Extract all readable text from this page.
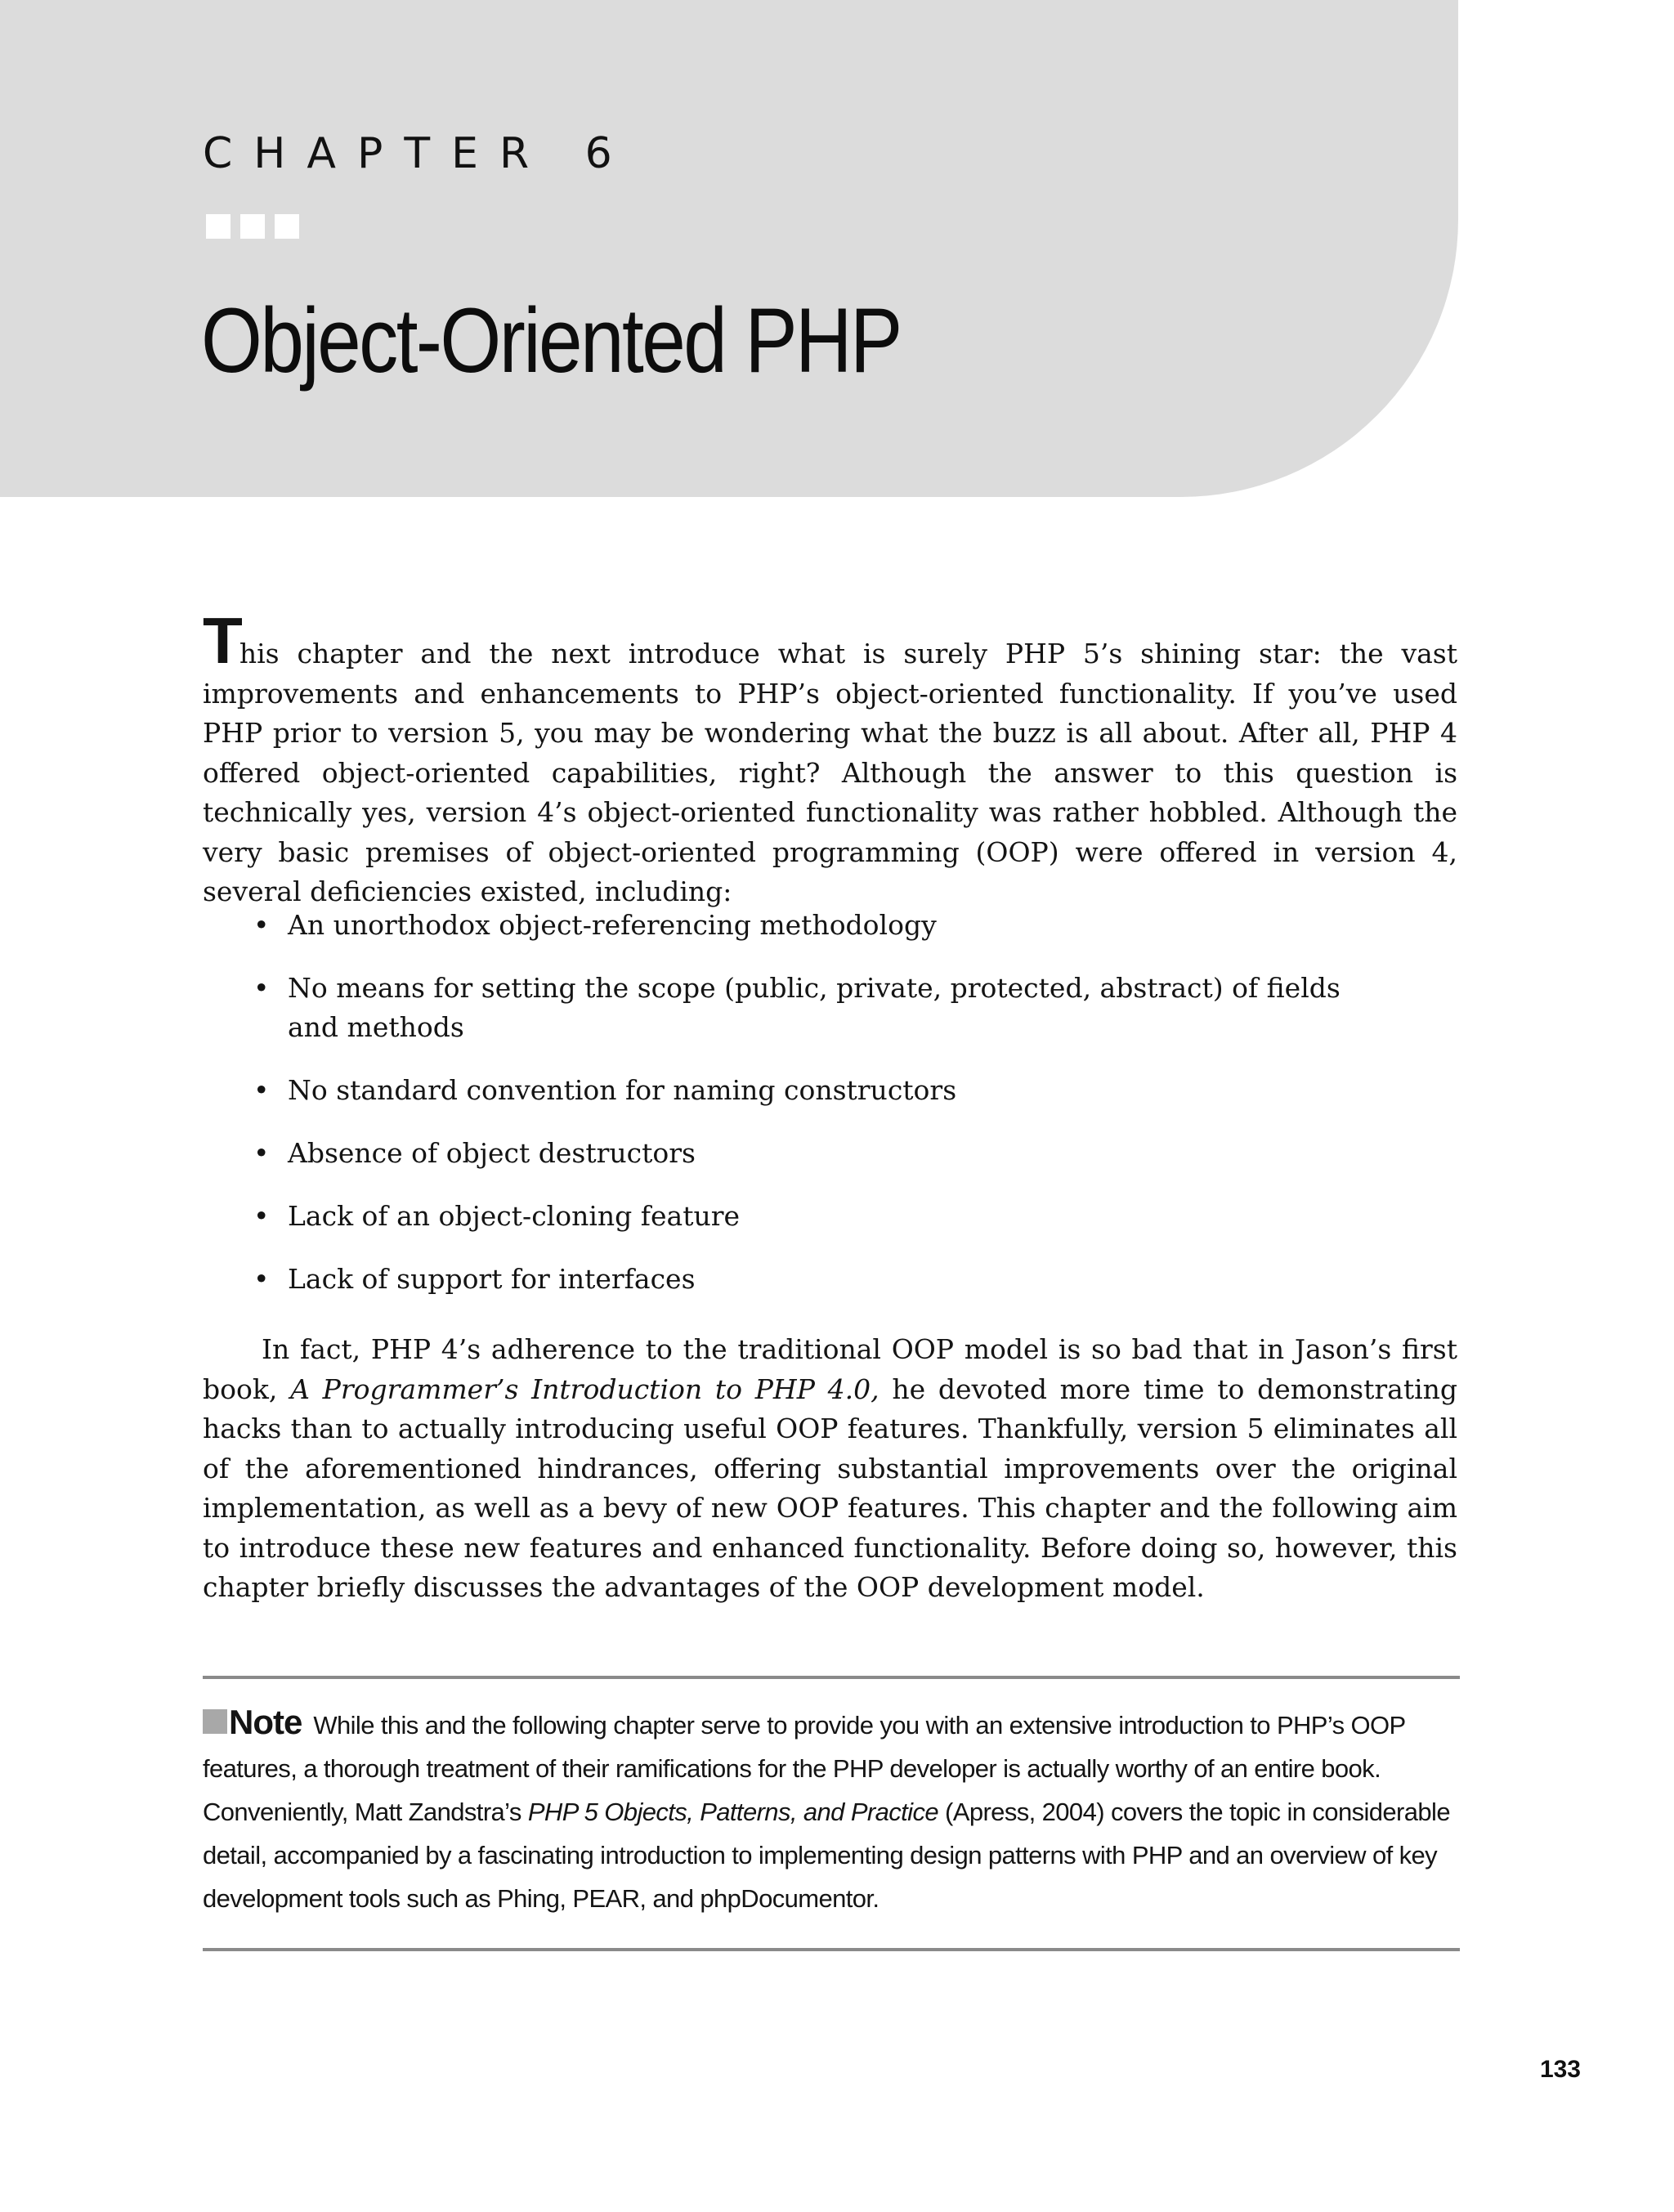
CHAPTER 6
Object-Oriented PHP
This chapter and the next introduce what is surely PHP 5’s shining star: the vast improvements and enhancements to PHP’s object-oriented functionality. If you’ve used PHP prior to version 5, you may be wondering what the buzz is all about. After all, PHP 4 offered object-oriented capabilities, right? Although the answer to this question is technically yes, version 4’s object-oriented functionality was rather hobbled. Although the very basic premises of object-oriented programming (OOP) were offered in version 4, several deficiencies existed, including:
• An unorthodox object-referencing methodology
• No means for setting the scope (public, private, protected, abstract) of fields and methods
• No standard convention for naming constructors
• Absence of object destructors
• Lack of an object-cloning feature
• Lack of support for interfaces
In fact, PHP 4’s adherence to the traditional OOP model is so bad that in Jason’s first book, A Programmer’s Introduction to PHP 4.0, he devoted more time to demonstrating hacks than to actually introducing useful OOP features. Thankfully, version 5 eliminates all of the aforementioned hindrances, offering substantial improvements over the original implementation, as well as a bevy of new OOP features. This chapter and the following aim to introduce these new features and enhanced functionality. Before doing so, however, this chapter briefly discusses the advantages of the OOP development model.
Note While this and the following chapter serve to provide you with an extensive introduction to PHP’s OOP features, a thorough treatment of their ramifications for the PHP developer is actually worthy of an entire book. Conveniently, Matt Zandstra’s PHP 5 Objects, Patterns, and Practice (Apress, 2004) covers the topic in considerable detail, accompanied by a fascinating introduction to implementing design patterns with PHP and an overview of key development tools such as Phing, PEAR, and phpDocumentor.
133
